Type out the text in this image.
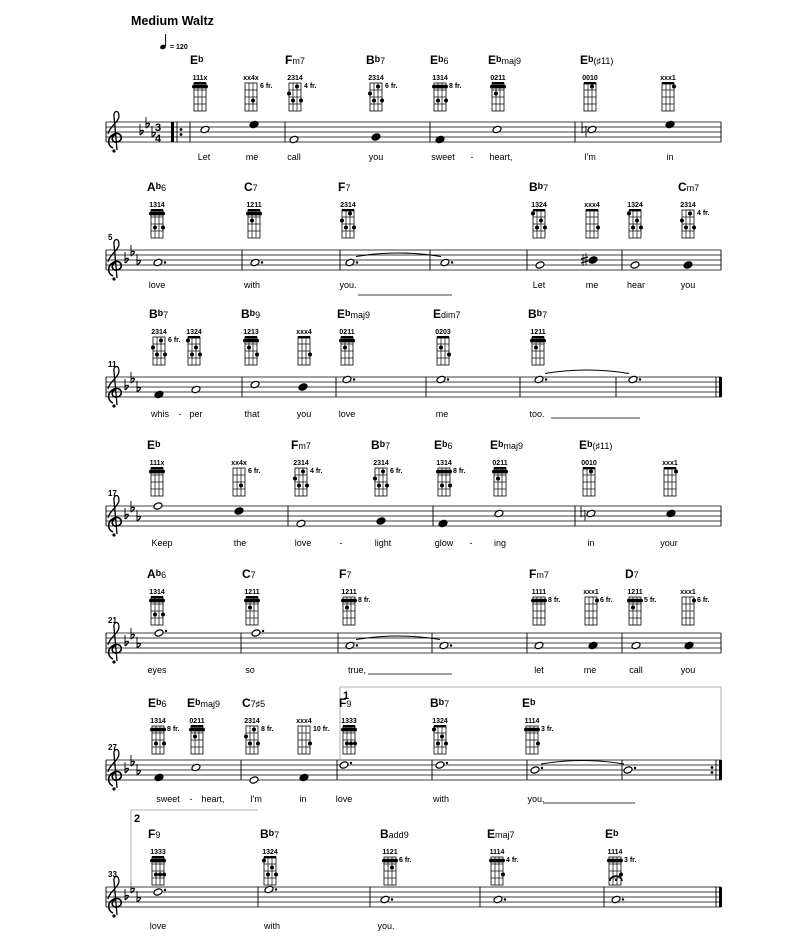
Medium Waltz
= 120
3
4
Eb
111x	xx4x
6 fr.
Fm7
2314
4 fr.
Bb7
2314
6 fr.
Eb6
1314
8 fr.
Ebmaj9
0211
Eb(♯11)
0010	xxx1
Let	me	call	you	sweet - heart,	I'm	in
5
Ab6
1314
C7
1211
F7
2314
Bb7
1324	xxx4	1324
Cm7
2314
4 fr.
love	with	you.	Let	me	hear	you
11
Bb7
2314
6 fr.
1324
Bb9
1213	xxx4
Ebmaj9
0211
Edim7
0203
Bb7
1211
whis - per	that	you	love	me	too.
17
Eb
111x	xx4x
6 fr.
Fm7
2314
4 fr.
Bb7
2314
6 fr.
Eb6
1314
8 fr.
Ebmaj9
0211
Eb(♯11)
0010	xxx1
Keep	the	love	-	light	glow - ing	in	your
21
Ab6
1314
C7
1211
F7
1211
8 fr.
Fm7
1111
8 fr.
xxx1
6 fr.
D7
1211
5 fr.
xxx1
6 fr.
eyes	so	true,	let	me	call	you
27
1
Eb6
1314
8 fr.
Ebmaj9
0211
C7♯5
2314
8 fr.
xxx4
10 fr.
F9
1333
Bb7
1324
Eb
1114
3 fr.
sweet - heart,	I'm	in	love	with	you.
33
2
F9
1333
Bb7
1324
Badd9
1121
6 fr.
Emaj7
1114
4 fr.
Eb
1114
3 fr.
love	with	you.
